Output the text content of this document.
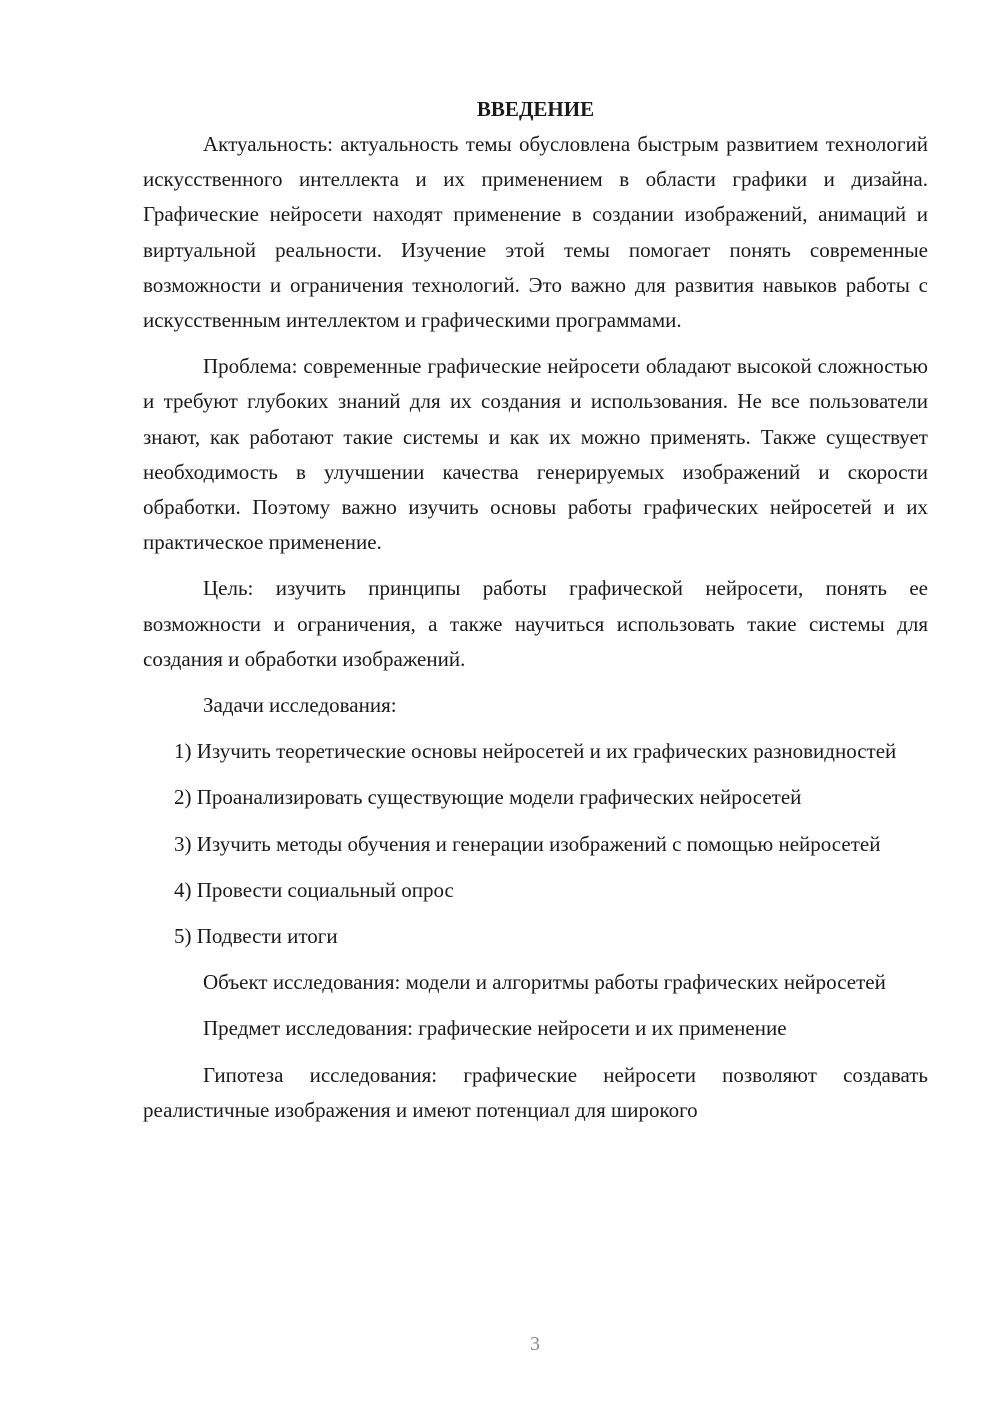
ВВЕДЕНИЕ

Актуальность: актуальность темы обусловлена быстрым развитием технологий искусственного интеллекта и их применением в области графики и дизайна. Графические нейросети находят применение в создании изображений, анимаций и виртуальной реальности. Изучение этой темы помогает понять современные возможности и ограничения технологий. Это важно для развития навыков работы с искусственным интеллектом и графическими программами.

Проблема: современные графические нейросети обладают высокой сложностью и требуют глубоких знаний для их создания и использования. Не все пользователи знают, как работают такие системы и как их можно применять. Также существует необходимость в улучшении качества генерируемых изображений и скорости обработки. Поэтому важно изучить основы работы графических нейросетей и их практическое применение.

Цель: изучить принципы работы графической нейросети, понять ее возможности и ограничения, а также научиться использовать такие системы для создания и обработки изображений.

Задачи исследования:

1) Изучить теоретические основы нейросетей и их графических разновидностей

2) Проанализировать существующие модели графических нейросетей

3) Изучить методы обучения и генерации изображений с помощью нейросетей

4) Провести социальный опрос

5) Подвести итоги

Объект исследования: модели и алгоритмы работы графических нейросетей

Предмет исследования: графические нейросети и их применение

Гипотеза исследования: графические нейросети позволяют создавать реалистичные изображения и имеют потенциал для широкого

3
